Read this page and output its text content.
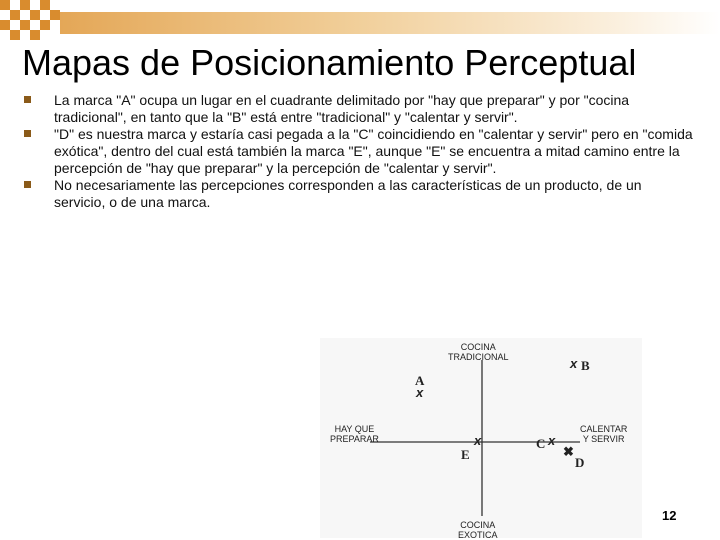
Mapas de Posicionamiento Perceptual
La marca "A" ocupa un lugar en el cuadrante delimitado por "hay que preparar" y por "cocina tradicional", en tanto que la "B" está entre "tradicional" y "calentar y servir".
"D" es nuestra marca y estaría casi pegada a la "C" coincidiendo en "calentar y servir" pero en "comida exótica", dentro del cual está también la marca "E", aunque "E" se encuentra a mitad camino entre la percepción de "hay que preparar" y la percepción de "calentar y servir".
No necesariamente las percepciones corresponden a las características de un producto, de un servicio, o de una marca.
COCINA
TRADICIONAL
COCINA
EXOTICA
HAY QUE
PREPARAR
CALENTAR
Y SERVIR
A
x
x B
C x
✖
D
x
E
12
